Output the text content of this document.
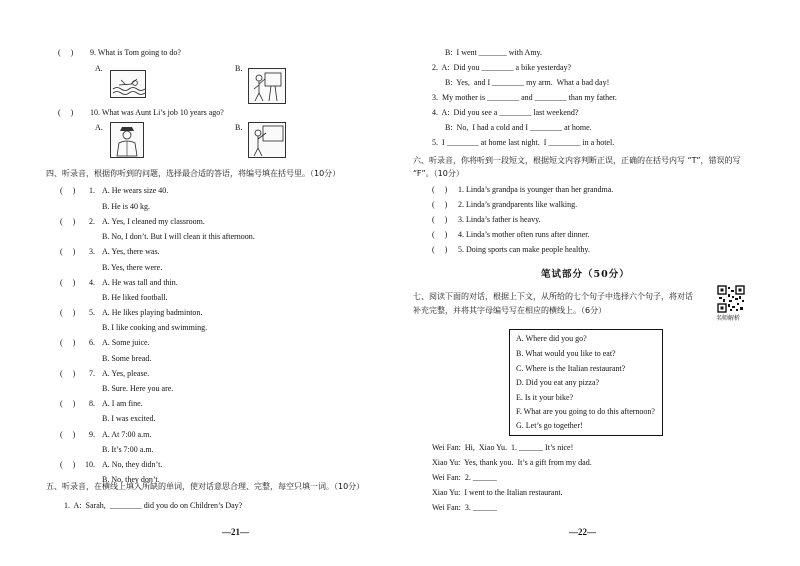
( ) 9. What is Tom going to do?
A.	B.
( ) 10. What was Aunt Li’s job 10 years ago?
A.	B.
四、听录音，根据你听到的问题，选择最合适的答语，将编号填在括号里。（10分）
(     ) 1. A. He wears size 40.
B. He is 40 kg.
(     ) 2. A. Yes, I cleaned my classroom.
B. No, I don’t. But I will clean it this afternoon.
(     ) 3. A. Yes, there was.
B. Yes, there were.
(     ) 4. A. He was tall and thin.
B. He liked football.
(     ) 5. A. He likes playing badminton.
B. I like cooking and swimming.
(     ) 6. A. Some juice.
B. Some bread.
(     ) 7. A. Yes, please.
B. Sure. Here you are.
(     ) 8. A. I am fine.
B. I was excited.
(     ) 9. A. At 7:00 a.m.
B. It’s 7:00 a.m.
(     ) 10. A. No, they didn’t.
B. No, they don’t.
五、听录音，在横线上填入所缺的单词，使对话意思合理、完整，每空只填一词。（10分）
1.  A:  Sarah,  ________ did you do on Children’s Day?
—21—
B:  I went _______ with Amy.
2.  A:  Did you ________ a bike yesterday?
B:  Yes,  and I ________ my arm.  What a bad day!
3.  My mother is ________ and ________ than my father.
4.  A:  Did you see a ________ last weekend?
B:  No,  I had a cold and I ________ at home.
5.  I ________ at home last night.  I ________ in a hotel.
六、听录音，你将听到一段短文，根据短文内容判断正误，正确的在括号内写 “T”，错误的写
“F”。（10分）
(     ) 1. Linda’s grandpa is younger than her grandma.
(     ) 2. Linda’s grandparents like walking.
(     ) 3. Linda’s father is heavy.
(     ) 4. Linda’s mother often runs after dinner.
(     ) 5. Doing sports can make people healthy.
笔试部分（50分）
七、阅读下面的对话，根据上下文，从所给的七个句子中选择六个句子，将对话
补充完整，并将其字母编号写在相应的横线上。（6分）
名师解析
A. Where did you go?
B. What would you like to eat?
C. Where is the Italian restaurant?
D. Did you eat any pizza?
E. Is it your bike?
F. What are you going to do this afternoon?
G. Let’s go together!
Wei Fan:  Hi,  Xiao Yu.  1. ______ It’s nice!
Xiao Yu:  Yes, thank you.  It’s a gift from my dad.
Wei Fan:  2. ______
Xiao Yu:  I went to the Italian restaurant.
Wei Fan:  3. ______
—22—
